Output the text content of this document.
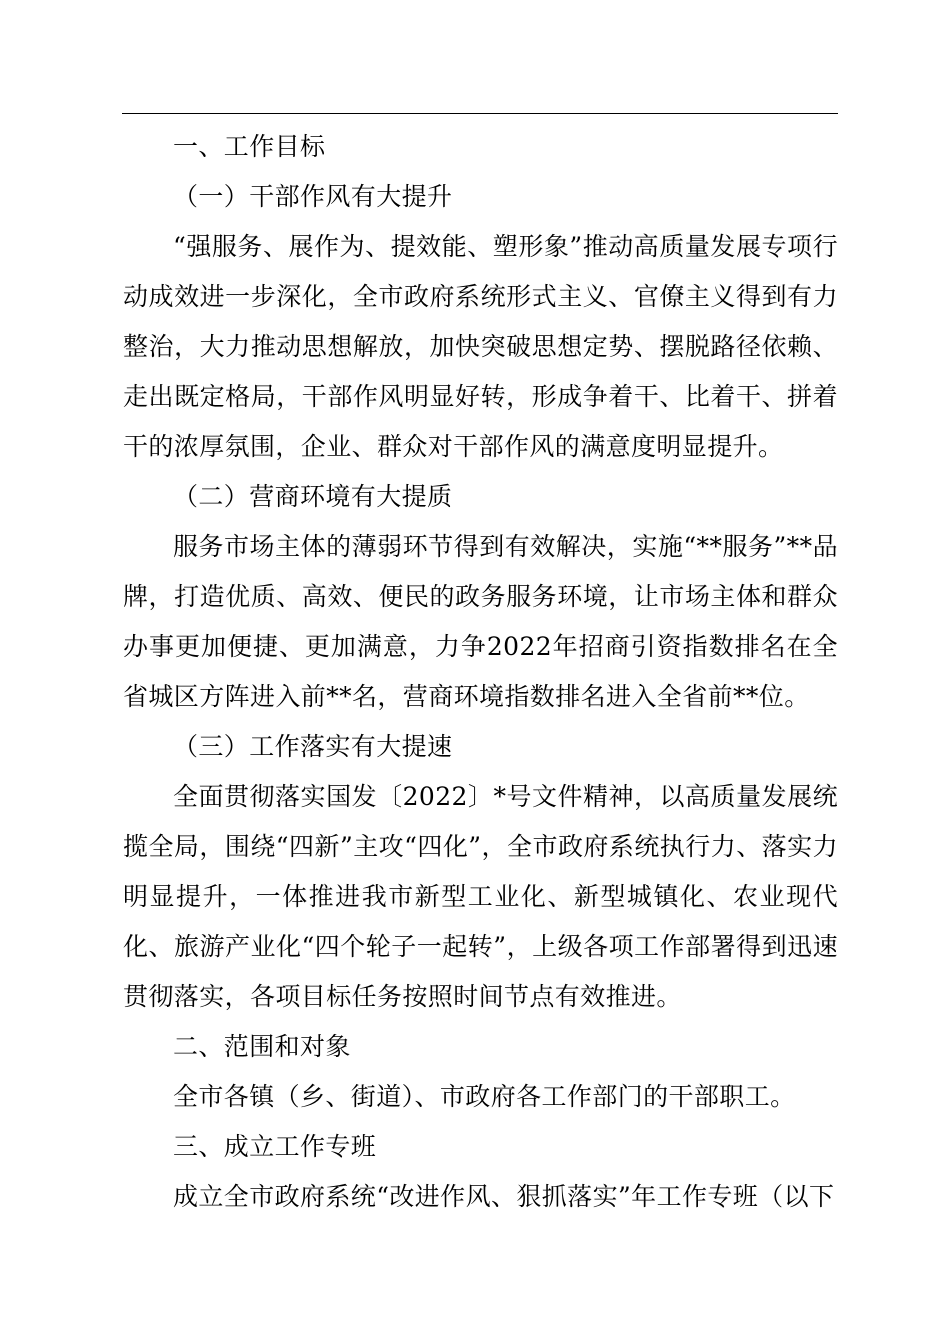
一、工作目标

（一）干部作风有大提升

“强服务、展作为、提效能、塑形象”推动高质量发展专项行动成效进一步深化，全市政府系统形式主义、官僚主义得到有力整治，大力推动思想解放，加快突破思想定势、摆脱路径依赖、走出既定格局，干部作风明显好转，形成争着干、比着干、拼着干的浓厚氛围，企业、群众对干部作风的满意度明显提升。

（二）营商环境有大提质

服务市场主体的薄弱环节得到有效解决，实施“**服务”**品牌，打造优质、高效、便民的政务服务环境，让市场主体和群众办事更加便捷、更加满意，力争2022年招商引资指数排名在全省城区方阵进入前**名，营商环境指数排名进入全省前**位。

（三）工作落实有大提速

全面贯彻落实国发〔2022〕*号文件精神，以高质量发展统揽全局，围绕“四新”主攻“四化”，全市政府系统执行力、落实力明显提升，一体推进我市新型工业化、新型城镇化、农业现代化、旅游产业化“四个轮子一起转”，上级各项工作部署得到迅速贯彻落实，各项目标任务按照时间节点有效推进。

二、范围和对象

全市各镇（乡、街道）、市政府各工作部门的干部职工。

三、成立工作专班

成立全市政府系统“改进作风、狠抓落实”年工作专班（以下
